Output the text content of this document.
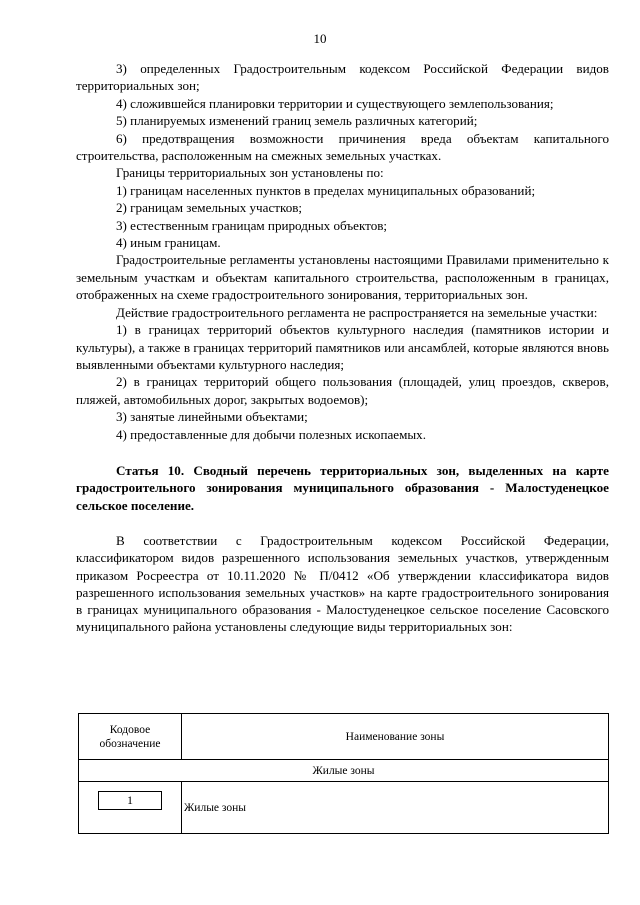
10

3) определенных Градостроительным кодексом Российской Федерации видов территориальных зон;

4) сложившейся планировки территории и существующего землепользования;

5) планируемых изменений границ земель различных категорий;

6) предотвращения возможности причинения вреда объектам капитального строительства, расположенным на смежных земельных участках.

Границы территориальных зон установлены по:

1) границам населенных пунктов в пределах муниципальных образований;

2) границам земельных участков;

3) естественным границам природных объектов;

4) иным границам.

Градостроительные регламенты установлены настоящими Правилами применительно к земельным участкам и объектам капитального строительства, расположенным в границах, отображенных на схеме градостроительного зонирования, территориальных зон.

Действие градостроительного регламента не распространяется на земельные участки:

1) в границах территорий объектов культурного наследия (памятников истории и культуры), а также в границах территорий памятников или ансамблей, которые являются вновь выявленными объектами культурного наследия;

2) в границах территорий общего пользования (площадей, улиц проездов, скверов, пляжей, автомобильных дорог, закрытых водоемов);

3) занятые линейными объектами;

4) предоставленные для добычи полезных ископаемых.

Статья 10. Сводный перечень территориальных зон, выделенных на карте градостроительного зонирования муниципального образования - Малостуденецкое сельское поселение.

В соответствии с Градостроительным кодексом Российской Федерации, классификатором видов разрешенного использования земельных участков, утвержденным приказом Росреестра от 10.11.2020 № П/0412 «Об утверждении классификатора видов разрешенного использования земельных участков» на карте градостроительного зонирования в границах муниципального образования - Малостуденецкое сельское поселение Сасовского муниципального района установлены следующие виды территориальных зон:

Кодовое обозначение	Наименование зоны
Жилые зоны	
1	Жилые зоны
